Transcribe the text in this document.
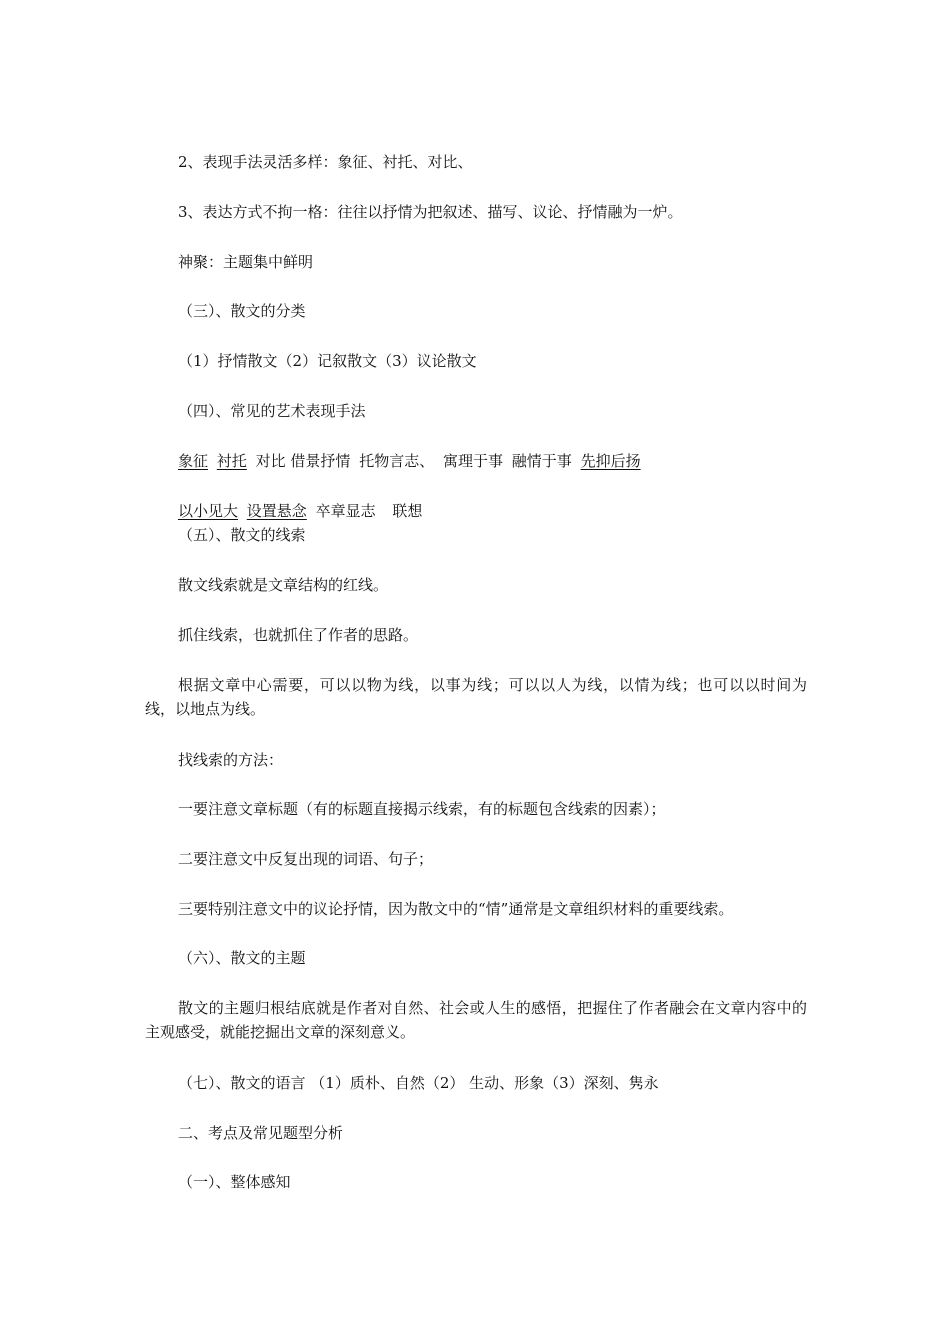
2、表现手法灵活多样：象征、衬托、对比、
3、表达方式不拘一格：往往以抒情为把叙述、描写、议论、抒情融为一炉。
神聚：主题集中鲜明
（三）、散文的分类
（1）抒情散文（2）记叙散文（3）议论散文
（四）、常见的艺术表现手法
象征 衬托 对比 借景抒情 托物言志、 寓理于事 融情于事 先抑后扬
以小见大 设置悬念 卒章显志 联想
（五）、散文的线索
散文线索就是文章结构的红线。
抓住线索，也就抓住了作者的思路。
根据文章中心需要，可以以物为线，以事为线；可以以人为线，以情为线；也可以以时间为线，以地点为线。
找线索的方法：
一要注意文章标题（有的标题直接揭示线索，有的标题包含线索的因素）；
二要注意文中反复出现的词语、句子；
三要特别注意文中的议论抒情，因为散文中的“情”通常是文章组织材料的重要线索。
（六）、散文的主题
散文的主题归根结底就是作者对自然、社会或人生的感悟，把握住了作者融会在文章内容中的主观感受，就能挖掘出文章的深刻意义。
（七）、散文的语言 （1）质朴、自然（2） 生动、形象（3）深刻、隽永
二、考点及常见题型分析
（一）、整体感知
